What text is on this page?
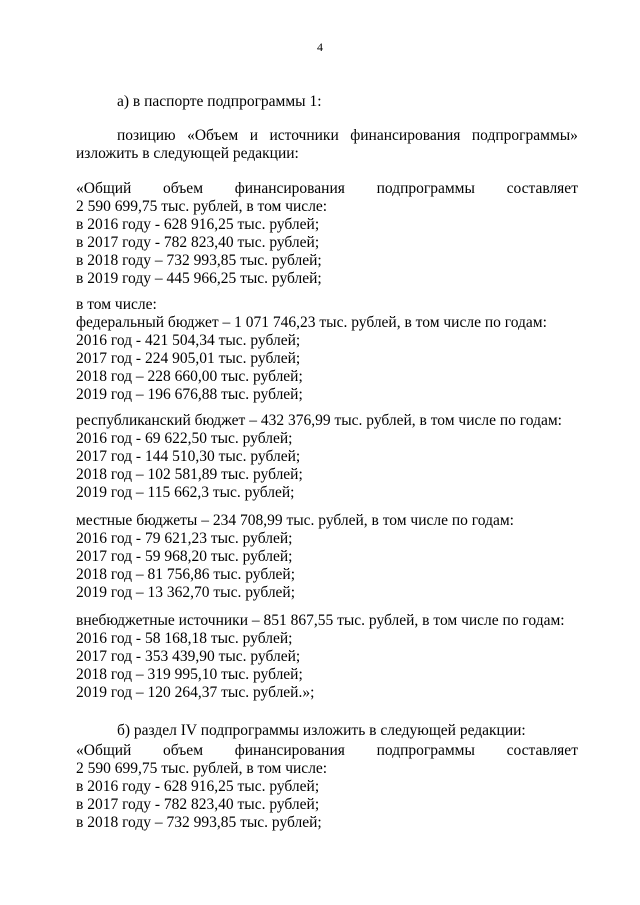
4
а) в паспорте подпрограммы 1:
позицию «Объем и источники финансирования подпрограммы»
изложить в следующей редакции:
«Общий объем финансирования подпрограммы составляет
2 590 699,75 тыс. рублей, в том числе:
в 2016 году - 628 916,25 тыс. рублей;
в 2017 году - 782 823,40 тыс. рублей;
в 2018 году – 732 993,85 тыс. рублей;
в 2019 году – 445 966,25 тыс. рублей;
в том числе:
федеральный бюджет – 1 071 746,23 тыс. рублей, в том числе по годам:
2016 год - 421 504,34 тыс. рублей;
2017 год - 224 905,01 тыс. рублей;
2018 год – 228 660,00 тыс. рублей;
2019 год – 196 676,88 тыс. рублей;
республиканский бюджет – 432 376,99 тыс. рублей, в том числе по годам:
2016 год - 69 622,50 тыс. рублей;
2017 год - 144 510,30 тыс. рублей;
2018 год – 102 581,89 тыс. рублей;
2019 год – 115 662,3 тыс. рублей;
местные бюджеты – 234 708,99 тыс. рублей, в том числе по годам:
2016 год - 79 621,23 тыс. рублей;
2017 год - 59 968,20 тыс. рублей;
2018 год – 81 756,86 тыс. рублей;
2019 год – 13 362,70 тыс. рублей;
внебюджетные источники – 851 867,55 тыс. рублей, в том числе по годам:
2016 год - 58 168,18 тыс. рублей;
2017 год - 353 439,90 тыс. рублей;
2018 год – 319 995,10 тыс. рублей;
2019 год – 120 264,37 тыс. рублей.»;
б) раздел IV подпрограммы изложить в следующей редакции:
«Общий объем финансирования подпрограммы составляет
2 590 699,75 тыс. рублей, в том числе:
в 2016 году - 628 916,25 тыс. рублей;
в 2017 году - 782 823,40 тыс. рублей;
в 2018 году – 732 993,85 тыс. рублей;
